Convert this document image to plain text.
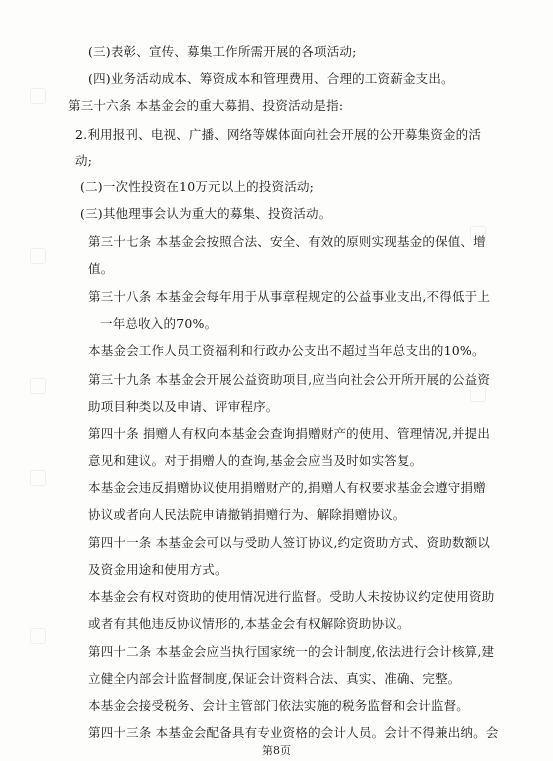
(三)表彰、宣传、募集工作所需开展的各项活动;
(四)业务活动成本、筹资成本和管理费用、合理的工资薪金支出。
第三十六条 本基金会的重大募捐、投资活动是指:
2.利用报刊、电视、广播、网络等媒体面向社会开展的公开募集资金的活
动;
(二)一次性投资在10万元以上的投资活动;
(三)其他理事会认为重大的募集、投资活动。
第三十七条 本基金会按照合法、安全、有效的原则实现基金的保值、增
值。
第三十八条 本基金会每年用于从事章程规定的公益事业支出,不得低于上
一年总收入的70%。
本基金会工作人员工资福利和行政办公支出不超过当年总支出的10%。
第三十九条 本基金会开展公益资助项目,应当向社会公开所开展的公益资
助项目种类以及申请、评审程序。
第四十条 捐赠人有权向本基金会查询捐赠财产的使用、管理情况,并提出
意见和建议。对于捐赠人的查询,基金会应当及时如实答复。
本基金会违反捐赠协议使用捐赠财产的,捐赠人有权要求基金会遵守捐赠
协议或者向人民法院申请撤销捐赠行为、解除捐赠协议。
第四十一条 本基金会可以与受助人签订协议,约定资助方式、资助数额以
及资金用途和使用方式。
本基金会有权对资助的使用情况进行监督。受助人未按协议约定使用资助
或者有其他违反协议情形的,本基金会有权解除资助协议。
第四十二条 本基金会应当执行国家统一的会计制度,依法进行会计核算,建
立健全内部会计监督制度,保证会计资料合法、真实、准确、完整。
本基金会接受税务、会计主管部门依法实施的税务监督和会计监督。
第四十三条 本基金会配备具有专业资格的会计人员。会计不得兼出纳。会
第8页
